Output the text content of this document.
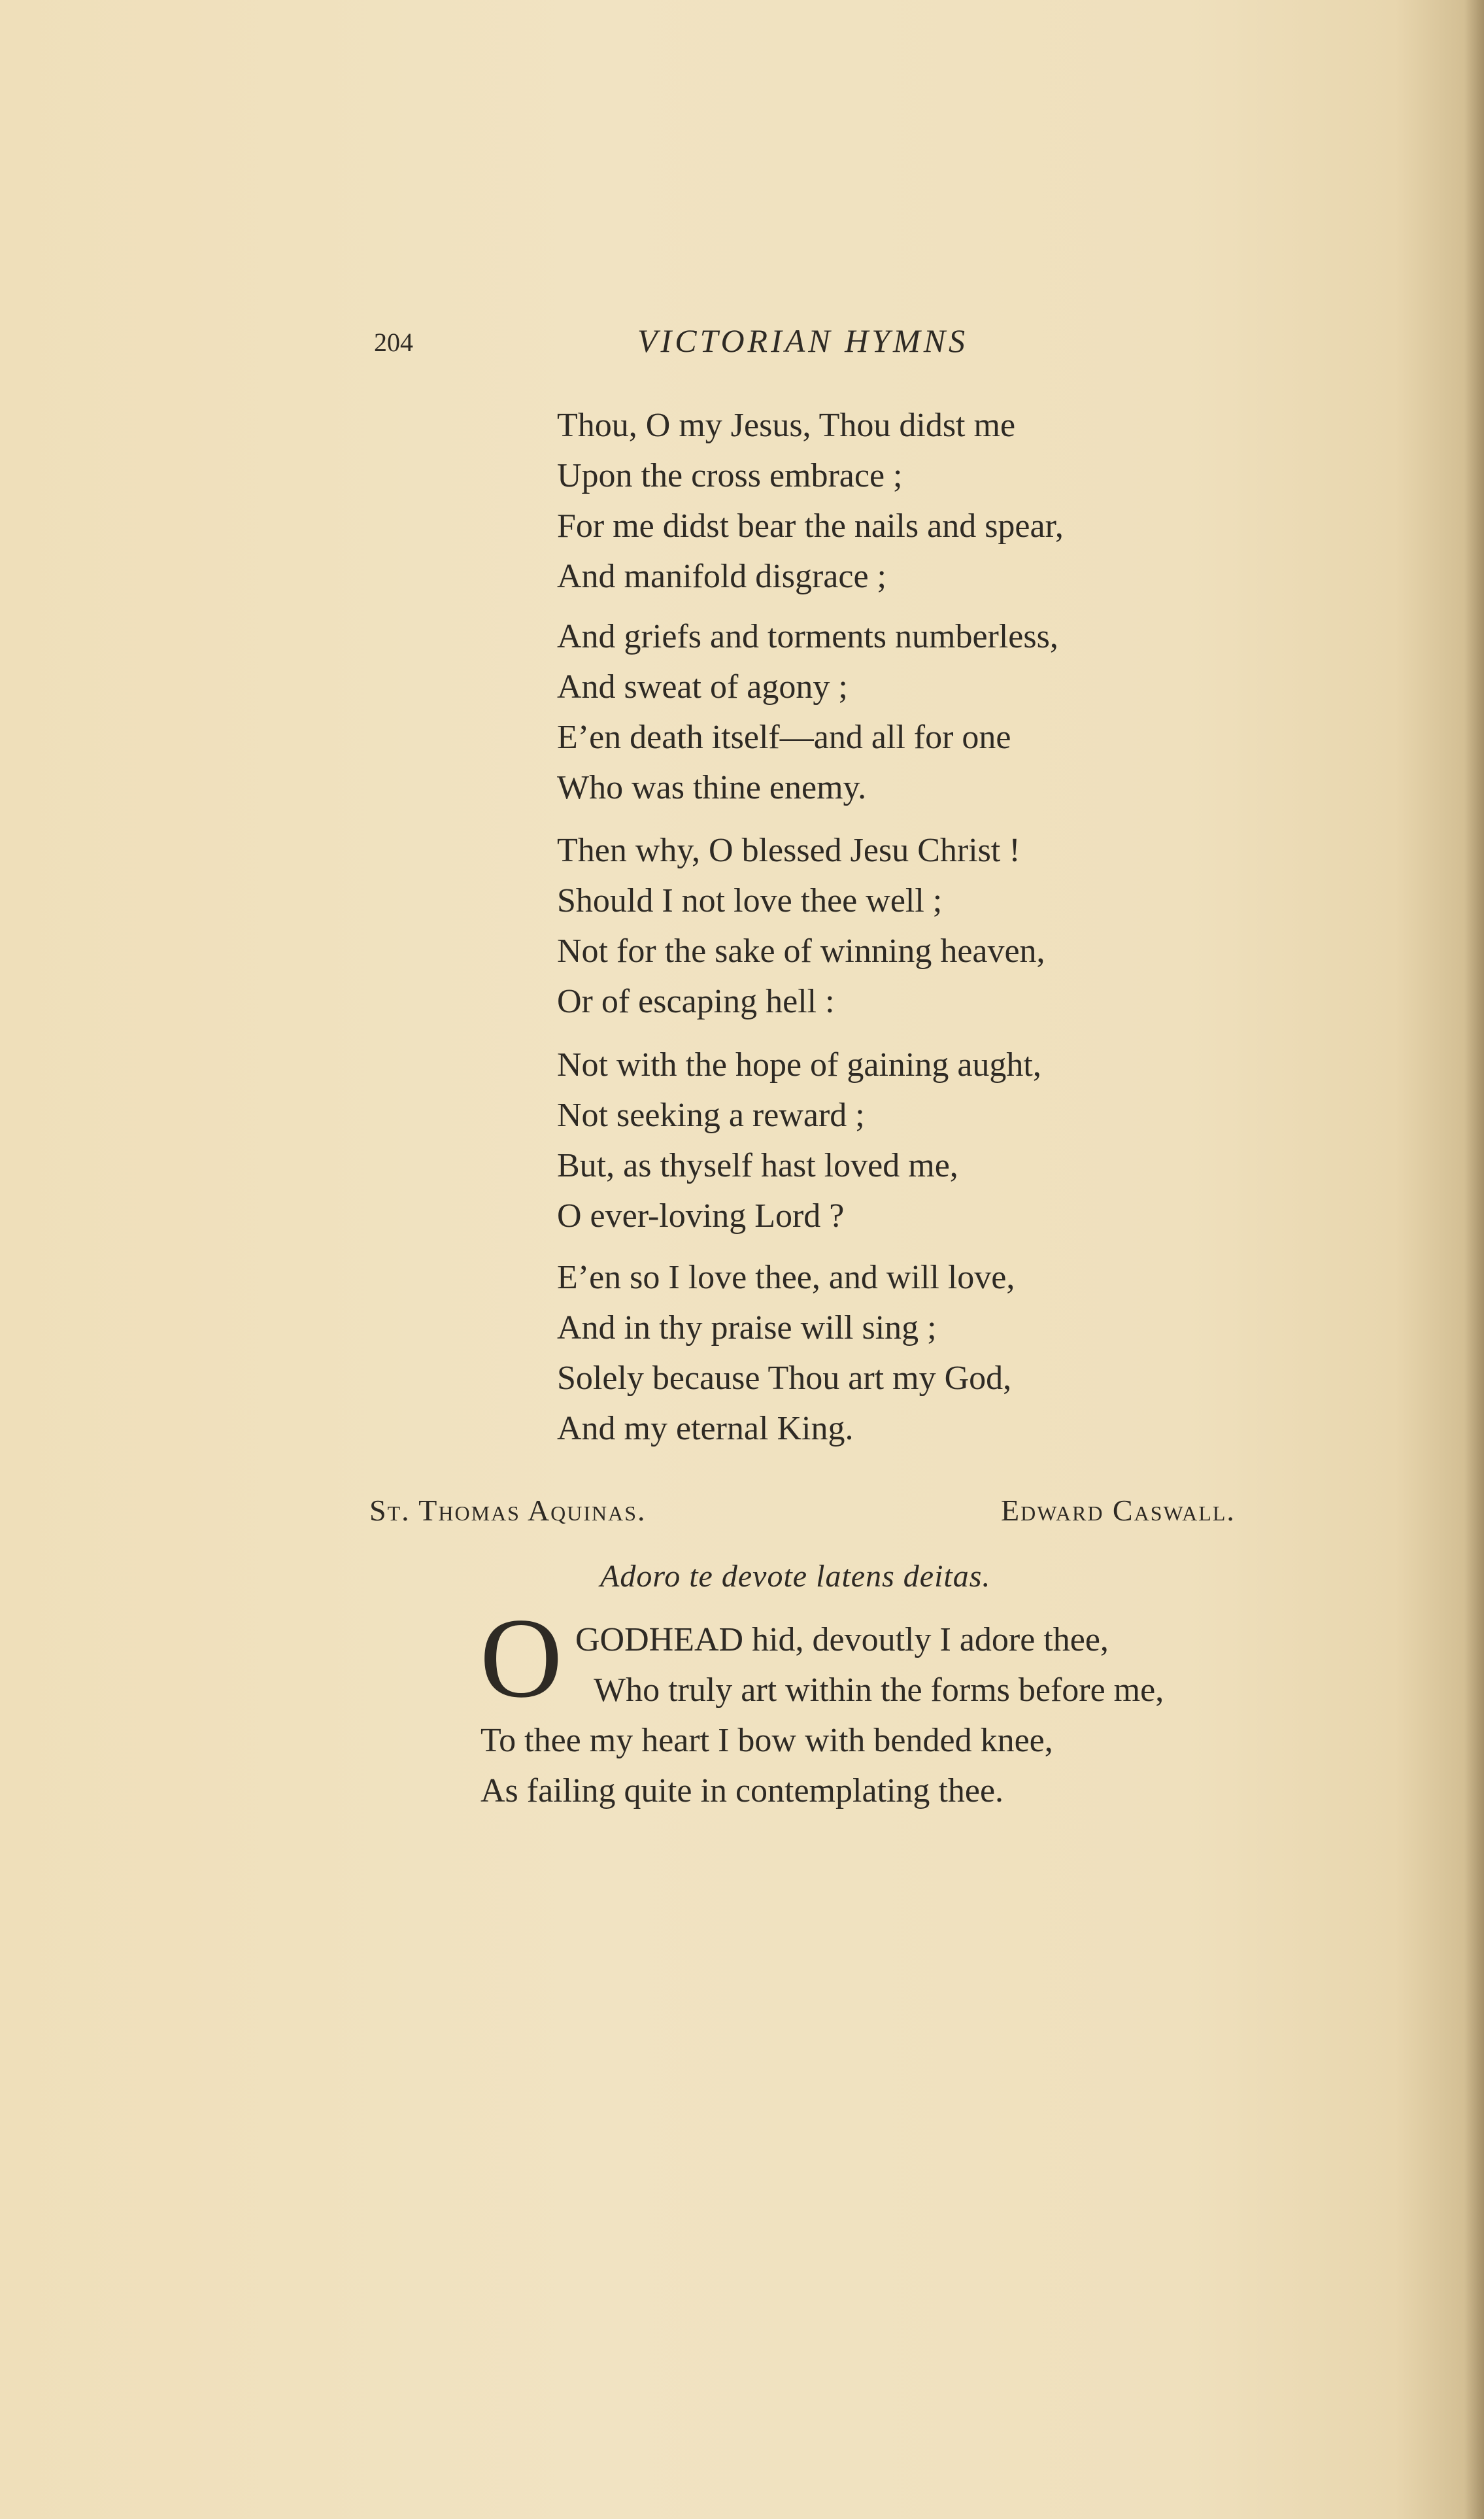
204	VICTORIAN HYMNS
Thou, O my Jesus, Thou didst me
Upon the cross embrace ;
For me didst bear the nails and spear,
And manifold disgrace ;
And griefs and torments numberless,
And sweat of agony ;
E’en death itself—and all for one
Who was thine enemy.
Then why, O blessed Jesu Christ !
Should I not love thee well ;
Not for the sake of winning heaven,
Or of escaping hell :
Not with the hope of gaining aught,
Not seeking a reward ;
But, as thyself hast loved me,
O ever-loving Lord ?
E’en so I love thee, and will love,
And in thy praise will sing ;
Solely because Thou art my God,
And my eternal King.
St. Thomas Aquinas.	Edward Caswall.
Adoro te devote latens deitas.
O GODHEAD hid, devoutly I adore thee,
Who truly art within the forms before me,
To thee my heart I bow with bended knee,
As failing quite in contemplating thee.
